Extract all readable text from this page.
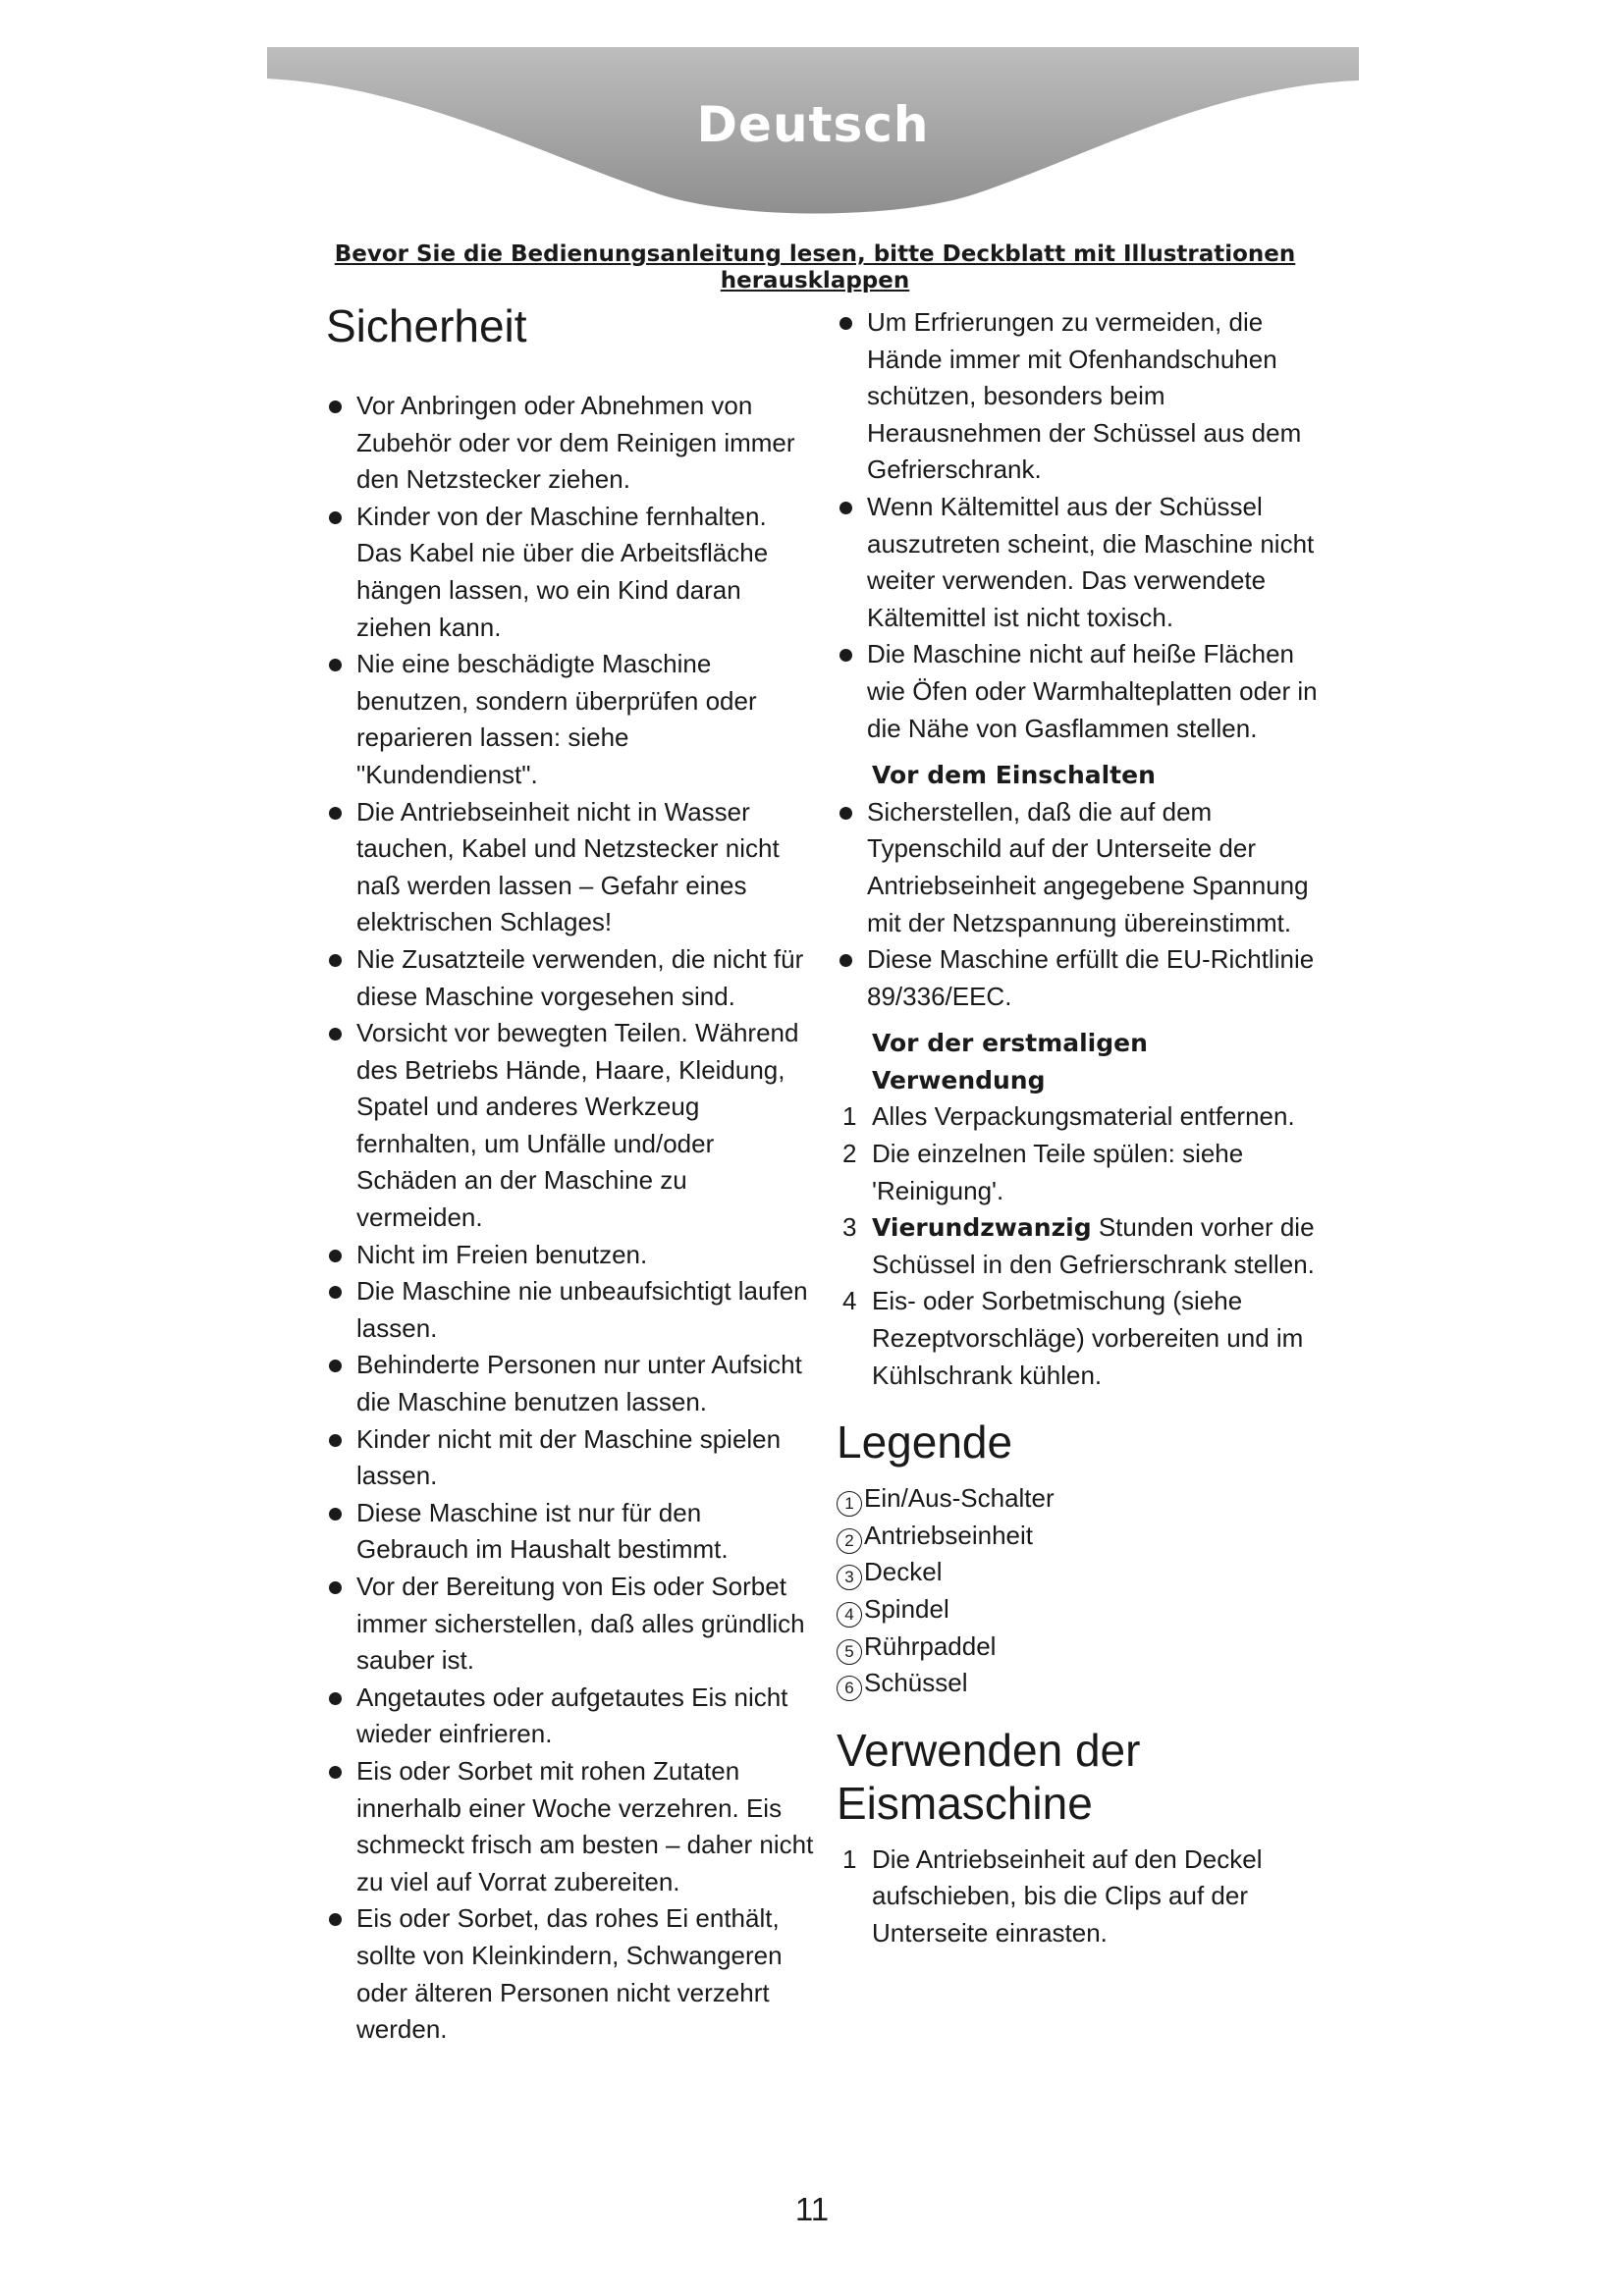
Deutsch
Bevor Sie die Bedienungsanleitung lesen, bitte Deckblatt mit Illustrationen herausklappen
Sicherheit
Vor Anbringen oder Abnehmen von Zubehör oder vor dem Reinigen immer den Netzstecker ziehen.
Kinder von der Maschine fernhalten. Das Kabel nie über die Arbeitsfläche hängen lassen, wo ein Kind daran ziehen kann.
Nie eine beschädigte Maschine benutzen, sondern überprüfen oder reparieren lassen: siehe "Kundendienst".
Die Antriebseinheit nicht in Wasser tauchen, Kabel und Netzstecker nicht naß werden lassen – Gefahr eines elektrischen Schlages!
Nie Zusatzteile verwenden, die nicht für diese Maschine vorgesehen sind.
Vorsicht vor bewegten Teilen. Während des Betriebs Hände, Haare, Kleidung, Spatel und anderes Werkzeug fernhalten, um Unfälle und/oder Schäden an der Maschine zu vermeiden.
Nicht im Freien benutzen.
Die Maschine nie unbeaufsichtigt laufen lassen.
Behinderte Personen nur unter Aufsicht die Maschine benutzen lassen.
Kinder nicht mit der Maschine spielen lassen.
Diese Maschine ist nur für den Gebrauch im Haushalt bestimmt.
Vor der Bereitung von Eis oder Sorbet immer sicherstellen, daß alles gründlich sauber ist.
Angetautes oder aufgetautes Eis nicht wieder einfrieren.
Eis oder Sorbet mit rohen Zutaten innerhalb einer Woche verzehren. Eis schmeckt frisch am besten – daher nicht zu viel auf Vorrat zubereiten.
Eis oder Sorbet, das rohes Ei enthält, sollte von Kleinkindern, Schwangeren oder älteren Personen nicht verzehrt werden.
Um Erfrierungen zu vermeiden, die Hände immer mit Ofenhandschuhen schützen, besonders beim Herausnehmen der Schüssel aus dem Gefrierschrank.
Wenn Kältemittel aus der Schüssel auszutreten scheint, die Maschine nicht weiter verwenden. Das verwendete Kältemittel ist nicht toxisch.
Die Maschine nicht auf heiße Flächen wie Öfen oder Warmhalteplatten oder in die Nähe von Gasflammen stellen.
Vor dem Einschalten
Sicherstellen, daß die auf dem Typenschild auf der Unterseite der Antriebseinheit angegebene Spannung mit der Netzspannung übereinstimmt.
Diese Maschine erfüllt die EU-Richtlinie 89/336/EEC.
Vor der erstmaligen Verwendung
1 Alles Verpackungsmaterial entfernen.
2 Die einzelnen Teile spülen: siehe 'Reinigung'.
3 Vierundzwanzig Stunden vorher die Schüssel in den Gefrierschrank stellen.
4 Eis- oder Sorbetmischung (siehe Rezeptvorschläge) vorbereiten und im Kühlschrank kühlen.
Legende
1 Ein/Aus-Schalter
2 Antriebseinheit
3 Deckel
4 Spindel
5 Rührpaddel
6 Schüssel
Verwenden der Eismaschine
1 Die Antriebseinheit auf den Deckel aufschieben, bis die Clips auf der Unterseite einrasten.
11
